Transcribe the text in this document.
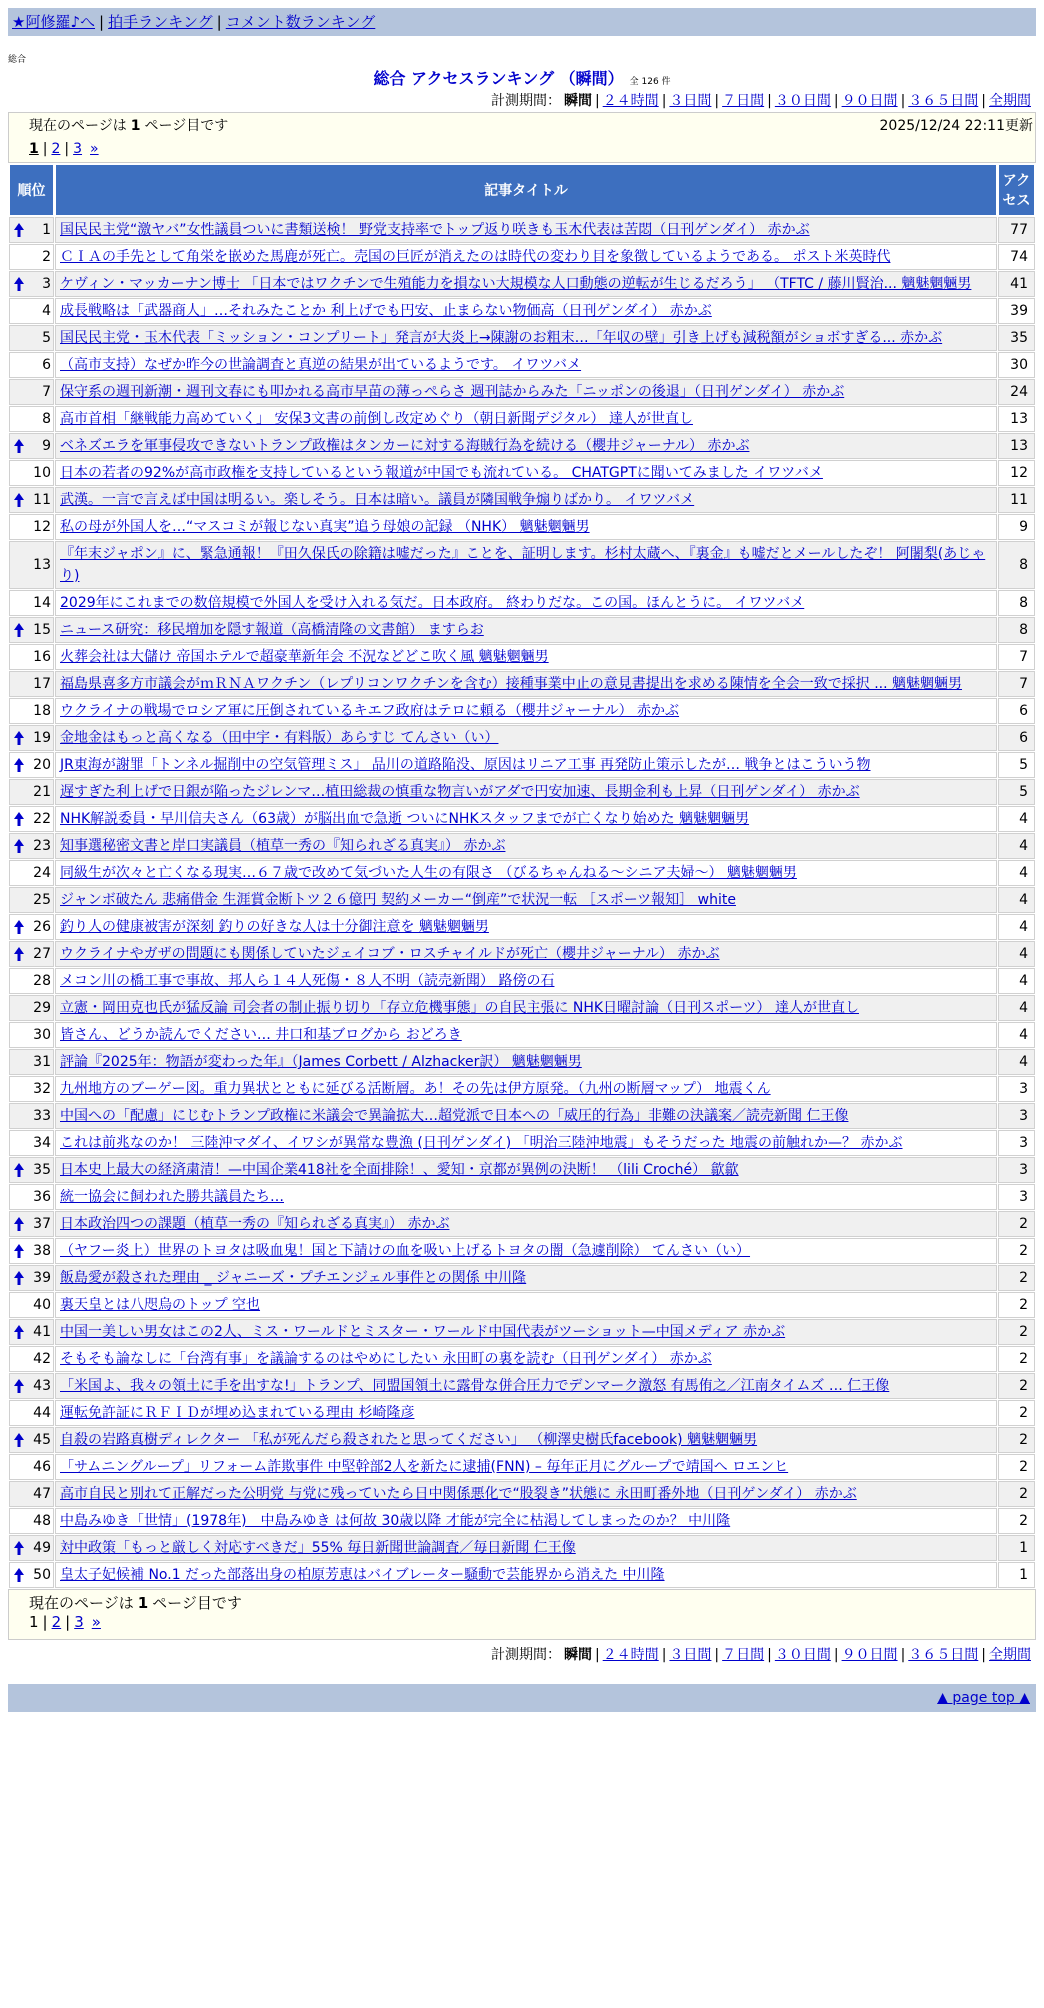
★阿修羅♪へ | 拍手ランキング | コメント数ランキング
総合
総合 アクセスランキング （瞬間） 全 126 件
計測期間： 瞬間 | ２４時間 | ３日間 | ７日間 | ３０日間 | ９０日間 | ３６５日間 | 全期間
現在のページは 1 ページ目です	2025/12/24 22:11更新
1 | 2 | 3 »
順位	記事タイトル	アクセス

1	国民民主党“激ヤバ”女性議員ついに書類送検！ 野党支持率でトップ返り咲きも玉木代表は苦悶（日刊ゲンダイ） 赤かぶ	77
2	ＣＩＡの手先として角栄を嵌めた馬鹿が死亡。売国の巨匠が消えたのは時代の変わり目を象徴しているようである。 ポスト米英時代	74

3	ケヴィン・マッカーナン博士 「日本ではワクチンで生殖能力を損ない大規模な人口動態の逆転が生じるだろう」 （TFTC / 藤川賢治... 魑魅魍魎男	41
4	成長戦略は「武器商人」…それみたことか 利上げでも円安、止まらない物価高（日刊ゲンダイ） 赤かぶ	39
5	国民民主党・玉木代表「ミッション・コンプリート」発言が大炎上→陳謝のお粗末…「年収の壁」引き上げも減税額がショボすぎる... 赤かぶ	35
6	（高市支持）なぜか昨今の世論調査と真逆の結果が出ているようです。 イワツバメ	30
7	保守系の週刊新潮・週刊文春にも叩かれる高市早苗の薄っぺらさ 週刊誌からみた「ニッポンの後退」（日刊ゲンダイ） 赤かぶ	24
8	高市首相「継戦能力高めていく」 安保3文書の前倒し改定めぐり（朝日新聞デジタル） 達人が世直し	13

9	ベネズエラを軍事侵攻できないトランプ政権はタンカーに対する海賊行為を続ける（櫻井ジャーナル） 赤かぶ	13
10	日本の若者の92%が高市政権を支持しているという報道が中国でも流れている。 CHATGPTに聞いてみました イワツバメ	12

11	武漢。一言で言えば中国は明るい。楽しそう。日本は暗い。議員が隣国戦争煽りばかり。 イワツバメ	11
12	私の母が外国人を…“マスコミが報じない真実”追う母娘の記録 （NHK） 魑魅魍魎男	9
13	『年末ジャポン』に、緊急通報！『田久保氏の除籍は嘘だった』ことを、証明します。杉村太蔵へ、『裏金』も嘘だとメールしたぞ！ 阿闍梨(あじゃり)	8
14	2029年にこれまでの数倍規模で外国人を受け入れる気だ。日本政府。 終わりだな。この国。ほんとうに。 イワツバメ	8

15	ニュース研究：移民増加を隠す報道（高橋清隆の文書館） ますらお	8
16	火葬会社は大儲け 帝国ホテルで超豪華新年会 不況などどこ吹く風 魑魅魍魎男	7
17	福島県喜多方市議会がｍＲＮＡワクチン（レプリコンワクチンを含む）接種事業中止の意見書提出を求める陳情を全会一致で採択 ... 魑魅魍魎男	7
18	ウクライナの戦場でロシア軍に圧倒されているキエフ政府はテロに頼る（櫻井ジャーナル） 赤かぶ	6

19	金地金はもっと高くなる（田中宇・有料版）あらすじ てんさい（い）	6

20	JR東海が謝罪「トンネル掘削中の空気管理ミス」 品川の道路陥没、原因はリニア工事 再発防止策示したが… 戦争とはこういう物	5
21	遅すぎた利上げで日銀が陥ったジレンマ…植田総裁の慎重な物言いがアダで円安加速、長期金利も上昇（日刊ゲンダイ） 赤かぶ	5

22	NHK解説委員・早川信夫さん（63歳）が脳出血で急逝 ついにNHKスタッフまでが亡くなり始めた 魑魅魍魎男	4

23	知事選秘密文書と岸口実議員（植草一秀の『知られざる真実』） 赤かぶ	4
24	同級生が次々と亡くなる現実…６７歳で改めて気づいた人生の有限さ （びるちゃんねる～シニア夫婦～） 魑魅魍魎男	4
25	ジャンボ破たん 悲痛借金 生涯賞金断トツ２６億円 契約メーカー“倒産”で状況一転 ［スポーツ報知］ white	4

26	釣り人の健康被害が深刻 釣りの好きな人は十分御注意を 魑魅魍魎男	4

27	ウクライナやガザの問題にも関係していたジェイコブ・ロスチャイルドが死亡（櫻井ジャーナル） 赤かぶ	4
28	メコン川の橋工事で事故、邦人ら１４人死傷・８人不明（読売新聞） 路傍の石	4
29	立憲・岡田克也氏が猛反論 司会者の制止振り切り「存立危機事態」の自民主張に NHK日曜討論（日刊スポーツ） 達人が世直し	4
30	皆さん、どうか読んでください… 井口和基ブログから おどろき	4
31	評論『2025年：物語が変わった年』（James Corbett / Alzhacker訳） 魑魅魍魎男	4
32	九州地方のブーゲー図。重力異状とともに延びる活断層。あ！その先は伊方原発。（九州の断層マップ） 地震くん	3
33	中国への「配慮」にじむトランプ政権に米議会で異論拡大…超党派で日本への「威圧的行為」非難の決議案／読売新聞 仁王像	3
34	これは前兆なのか！ 三陸沖マダイ、イワシが異常な豊漁 (日刊ゲンダイ) 「明治三陸沖地震」もそうだった 地震の前触れか—？ 赤かぶ	3

35	日本史上最大の経済粛清！—中国企業418社を全面排除！、愛知・京都が異例の決断！ （lili Croché） 歙歙	3
36	統一協会に飼われた勝共議員たち…	3

37	日本政治四つの課題（植草一秀の『知られざる真実』） 赤かぶ	2

38	（ヤフー炎上）世界のトヨタは吸血鬼！国と下請けの血を吸い上げるトヨタの闇（急遽削除） てんさい（い）	2

39	飯島愛が殺された理由 _ ジャニーズ・プチエンジェル事件との関係 中川隆	2
40	裏天皇とは八咫烏のトップ 空也	2

41	中国一美しい男女はこの2人、ミス・ワールドとミスター・ワールド中国代表がツーショット—中国メディア 赤かぶ	2
42	そもそも論なしに「台湾有事」を議論するのはやめにしたい 永田町の裏を読む（日刊ゲンダイ） 赤かぶ	2

43	「米国よ、我々の領土に手を出すな!」トランプ、同盟国領土に露骨な併合圧力でデンマーク激怒 有馬侑之／江南タイムズ … 仁王像	2
44	運転免許証にＲＦＩＤが埋め込まれている理由 杉崎隆彦	2

45	自殺の岩路真樹ディレクター 「私が死んだら殺されたと思ってください」 （柳澤史樹氏facebook) 魑魅魍魎男	2
46	「サムニングループ」リフォーム詐欺事件 中堅幹部2人を新たに逮捕(FNN) – 毎年正月にグループで靖国へ ロエンヒ	2
47	高市自民と別れて正解だった公明党 与党に残っていたら日中関係悪化で“股裂き”状態に 永田町番外地（日刊ゲンダイ） 赤かぶ	2
48	中島みゆき「世情」(1978年)＿中島みゆき は何故 30歳以降 才能が完全に枯渇してしまったのか？ 中川隆	2

49	対中政策「もっと厳しく対応すべきだ」55% 毎日新聞世論調査／毎日新聞 仁王像	1

50	皇太子妃候補 No.1 だった部落出身の柏原芳恵はバイブレーター騒動で芸能界から消えた 中川隆	1
現在のページは 1 ページ目です
1 | 2 | 3 »
計測期間： 瞬間 | ２４時間 | ３日間 | ７日間 | ３０日間 | ９０日間 | ３６５日間 | 全期間
▲ page top ▲
